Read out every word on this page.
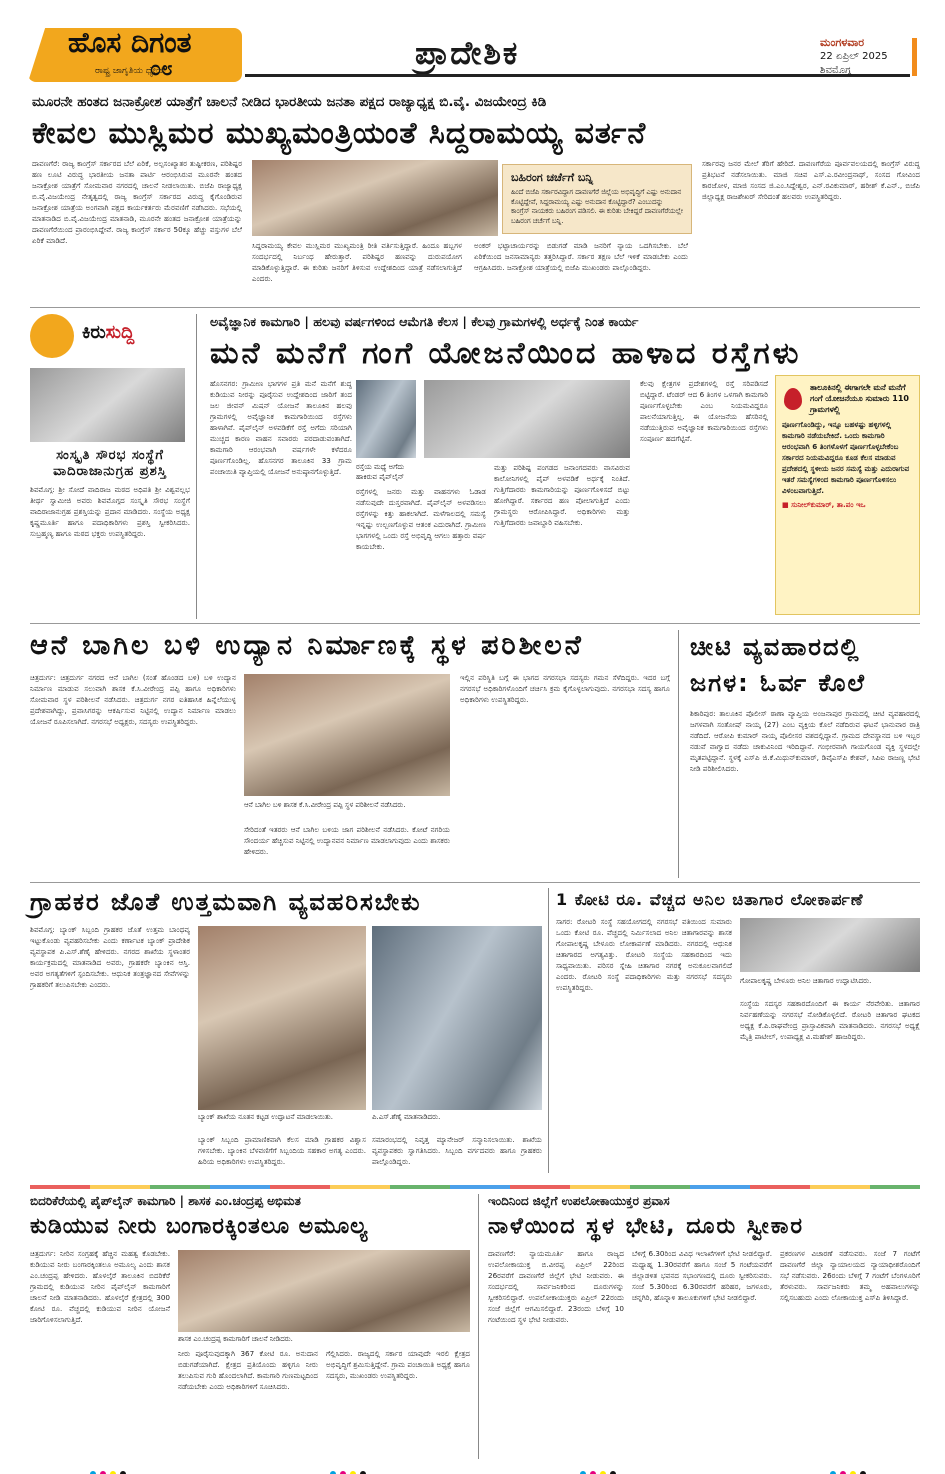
ಹೊಸ ದಿಗಂತ
ರಾಷ್ಟ್ರ ಜಾಗೃತಿಯ ಧ್ಯೇಯ
೦೮	ಪ್ರಾದೇಶಿಕ	ಮಂಗಳವಾರ
22 ಏಪ್ರಿಲ್ 2025
ಶಿವಮೊಗ್ಗ
ಮೂರನೇ ಹಂತದ ಜನಾಕ್ರೋಶ ಯಾತ್ರೆಗೆ ಚಾಲನೆ ನೀಡಿದ ಭಾರತೀಯ ಜನತಾ ಪಕ್ಷದ ರಾಜ್ಯಾಧ್ಯಕ್ಷ ಬಿ.ವೈ. ವಿಜಯೇಂದ್ರ ಕಿಡಿ
ಕೇವಲ ಮುಸ್ಲಿಮರ ಮುಖ್ಯಮಂತ್ರಿಯಂತೆ ಸಿದ್ದರಾಮಯ್ಯ ವರ್ತನೆ
ದಾವಣಗೆರೆ: ರಾಜ್ಯ ಕಾಂಗ್ರೆಸ್ ಸರ್ಕಾರದ ಬೆಲೆ ಏರಿಕೆ, ಅಲ್ಪಸಂಖ್ಯಾತರ ತುಷ್ಟೀಕರಣ, ಪರಿಶಿಷ್ಟರ ಹಣ ಲೂಟಿ ವಿರುದ್ಧ ಭಾರತೀಯ ಜನತಾ ಪಾರ್ಟಿ ಆರಂಭಿಸಿರುವ ಮೂರನೇ ಹಂತದ ಜನಾಕ್ರೋಶ ಯಾತ್ರೆಗೆ ಸೋಮವಾರ ನಗರದಲ್ಲಿ ಚಾಲನೆ ನೀಡಲಾಯಿತು. ಬಿಜೆಪಿ ರಾಜ್ಯಾಧ್ಯಕ್ಷ ಬಿ.ವೈ.ವಿಜಯೇಂದ್ರ ನೇತೃತ್ವದಲ್ಲಿ ರಾಜ್ಯ ಕಾಂಗ್ರೆಸ್ ಸರ್ಕಾರದ ವಿರುದ್ಧ ಕೈಗೊಂಡಿರುವ ಜನಾಕ್ರೋಶ ಯಾತ್ರೆಯ ಅಂಗವಾಗಿ ಪಕ್ಷದ ಕಾರ್ಯಕರ್ತರು ಮೆರವಣಿಗೆ ನಡೆಸಿದರು. ಸಭೆಯಲ್ಲಿ ಮಾತನಾಡಿದ ಬಿ.ವೈ.ವಿಜಯೇಂದ್ರ ಮಾತನಾಡಿ, ಮೂರನೇ ಹಂತದ ಜನಾಕ್ರೋಶ ಯಾತ್ರೆಯನ್ನು ದಾವಣಗೆರೆಯಿಂದ ಪ್ರಾರಂಭಿಸಿದ್ದೇವೆ. ರಾಜ್ಯ ಕಾಂಗ್ರೆಸ್ ಸರ್ಕಾರ 50ಕ್ಕೂ ಹೆಚ್ಚು ವಸ್ತುಗಳ ಬೆಲೆ ಏರಿಕೆ ಮಾಡಿದೆ.
ಬಹಿರಂಗ ಚರ್ಚೆಗೆ ಬನ್ನಿ
ಹಿಂದೆ ಬಿಜೆಪಿ ಸರ್ಕಾರವಿದ್ದಾಗ ದಾವಣಗೆರೆ ಜಿಲ್ಲೆಯ ಅಭಿವೃದ್ಧಿಗೆ ಎಷ್ಟು ಅನುದಾನ ಕೊಟ್ಟಿದ್ದೇವೆ, ಸಿದ್ದರಾಮಯ್ಯ ಎಷ್ಟು ಅನುದಾನ ಕೊಟ್ಟಿದ್ದಾರೆ? ಎಂಬುದನ್ನು ಕಾಂಗ್ರೆಸ್ ನಾಯಕರು ಬಹಿರಂಗ ಪಡಿಸಲಿ. ಈ ಕುರಿತು ಬೇಕಿದ್ದರೆ ದಾವಣಗೆರೆಯಲ್ಲೇ ಬಹಿರಂಗ ಚರ್ಚೆಗೆ ಬನ್ನಿ.
ಸಿದ್ದರಾಮಯ್ಯ ಕೇವಲ ಮುಸ್ಲಿಮರ ಮುಖ್ಯಮಂತ್ರಿ ರೀತಿ ವರ್ತಿಸುತ್ತಿದ್ದಾರೆ. ಹಿಂದೂ ಹಬ್ಬಗಳ ಸಂದರ್ಭದಲ್ಲಿ ನಿರ್ಬಂಧ ಹೇರುತ್ತಾರೆ. ಪರಿಶಿಷ್ಟರ ಹಣವನ್ನು ದುರುಪಯೋಗ ಮಾಡಿಕೊಳ್ಳುತ್ತಿದ್ದಾರೆ. ಈ ಕುರಿತು ಜನರಿಗೆ ತಿಳಿಸುವ ಉದ್ದೇಶದಿಂದ ಯಾತ್ರೆ ನಡೆಸಲಾಗುತ್ತಿದೆ ಎಂದರು.
ಅಂಕರ್‌ ಭಟ್ಟಾಚಾರ್ಯರನ್ನು ಬಿಡುಗಡೆ ಮಾಡಿ ಜನರಿಗೆ ನ್ಯಾಯ ಒದಗಿಸಬೇಕು. ಬೆಲೆ ಏರಿಕೆಯಿಂದ ಜನಸಾಮಾನ್ಯರು ತತ್ತರಿಸಿದ್ದಾರೆ. ಸರ್ಕಾರ ತಕ್ಷಣ ಬೆಲೆ ಇಳಿಕೆ ಮಾಡಬೇಕು ಎಂದು ಆಗ್ರಹಿಸಿದರು. ಜನಾಕ್ರೋಶ ಯಾತ್ರೆಯಲ್ಲಿ ಬಿಜೆಪಿ ಮುಖಂಡರು ಪಾಲ್ಗೊಂಡಿದ್ದರು.
ಸರ್ಕಾರವು ಜನರ ಮೇಲೆ ತೆರಿಗೆ ಹೇರಿದೆ. ದಾವಣಗೆರೆಯ ಪೂರ್ವವಲಯದಲ್ಲಿ ಕಾಂಗ್ರೆಸ್ ವಿರುದ್ಧ ಪ್ರತಿಭಟನೆ ನಡೆಸಲಾಯಿತು. ಮಾಜಿ ಸಚಿವ ಎಸ್.ಎ.ರವೀಂದ್ರನಾಥ್, ಸಂಸದ ಗೋವಿಂದ ಕಾರಜೋಳ, ಮಾಜಿ ಸಂಸದ ಜಿ.ಎಂ.ಸಿದ್ದೇಶ್ವರ, ಎನ್.ರವಿಕುಮಾರ್, ಹರೀಶ್ ಕೆ.ಎನ್., ಬಿಜೆಪಿ ಜಿಲ್ಲಾಧ್ಯಕ್ಷ ರಾಜಶೇಖರ್ ಸೇರಿದಂತೆ ಹಲವರು ಉಪಸ್ಥಿತರಿದ್ದರು.
ಕಿರುಸುದ್ದಿ
ಸಂಸ್ಕೃತಿ ಸೌರಭ ಸಂಸ್ಥೆಗೆ ವಾದಿರಾಜಾನುಗ್ರಹ ಪ್ರಶಸ್ತಿ
ಶಿವಮೊಗ್ಗ: ಶ್ರೀ ಸೋದೆ ವಾದಿರಾಜ ಮಠದ ಅಧಿಪತಿ ಶ್ರೀ ವಿಶ್ವವಲ್ಲಭ ತೀರ್ಥ ಸ್ವಾಮೀಜಿ ಅವರು ಶಿವಮೊಗ್ಗದ ಸಂಸ್ಕೃತಿ ಸೌರಭ ಸಂಸ್ಥೆಗೆ ವಾದಿರಾಜಾನುಗ್ರಹ ಪ್ರಶಸ್ತಿಯನ್ನು ಪ್ರದಾನ ಮಾಡಿದರು. ಸಂಸ್ಥೆಯ ಅಧ್ಯಕ್ಷ ಕೃಷ್ಣಮೂರ್ತಿ ಹಾಗೂ ಪದಾಧಿಕಾರಿಗಳು ಪ್ರಶಸ್ತಿ ಸ್ವೀಕರಿಸಿದರು. ಸುಬ್ರಹ್ಮಣ್ಯ ಹಾಗೂ ಮಠದ ಭಕ್ತರು ಉಪಸ್ಥಿತರಿದ್ದರು.
ಅವೈಜ್ಞಾನಿಕ ಕಾಮಗಾರಿ | ಹಲವು ವರ್ಷಗಳಿಂದ ಆಮೆಗತಿ ಕೆಲಸ | ಕೆಲವು ಗ್ರಾಮಗಳಲ್ಲಿ ಅರ್ಧಕ್ಕೆ ನಿಂತ ಕಾರ್ಯ
ಮನೆ ಮನೆಗೆ ಗಂಗೆ ಯೋಜನೆಯಿಂದ ಹಾಳಾದ ರಸ್ತೆಗಳು
ಹೊಸನಗರ: ಗ್ರಾಮೀಣ ಭಾಗಗಳ ಪ್ರತಿ ಮನೆ ಮನೆಗೆ ಶುದ್ಧ ಕುಡಿಯುವ ನೀರನ್ನು ಪೂರೈಸುವ ಉದ್ದೇಶದಿಂದ ಜಾರಿಗೆ ತಂದ ಜಲ ಜೀವನ್ ಮಿಷನ್ ಯೋಜನೆ ತಾಲೂಕಿನ ಹಲವು ಗ್ರಾಮಗಳಲ್ಲಿ ಅವೈಜ್ಞಾನಿಕ ಕಾಮಗಾರಿಯಿಂದ ರಸ್ತೆಗಳು ಹಾಳಾಗಿವೆ. ಪೈಪ್‌ಲೈನ್ ಅಳವಡಿಕೆಗೆ ರಸ್ತೆ ಅಗೆದು ಸರಿಯಾಗಿ ಮುಚ್ಚದ ಕಾರಣ ವಾಹನ ಸವಾರರು ಪರದಾಡುವಂತಾಗಿದೆ. ಕಾಮಗಾರಿ ಆರಂಭವಾಗಿ ವರ್ಷಗಳೇ ಕಳೆದರೂ ಪೂರ್ಣಗೊಂಡಿಲ್ಲ. ಹೊಸನಗರ ತಾಲೂಕಿನ 33 ಗ್ರಾಮ ಪಂಚಾಯಿತಿ ವ್ಯಾಪ್ತಿಯಲ್ಲಿ ಯೋಜನೆ ಅನುಷ್ಠಾನಗೊಳ್ಳುತ್ತಿದೆ.	ರಸ್ತೆಯ ಮಧ್ಯೆ ಅಗೆದು ಹಾಕಿರುವ ಪೈಪ್‌ಲೈನ್
ರಸ್ತೆಗಳಲ್ಲಿ ಜನರು ಮತ್ತು ವಾಹನಗಳು ಓಡಾಡ ನಡೆಸುವುದೇ ದುಸ್ತರವಾಗಿದೆ. ಪೈಪ್‌ಲೈನ್ ಅಳವಡಿಸಲು ರಸ್ತೆಗಳನ್ನು ಕಿತ್ತು ಹಾಕಲಾಗಿದೆ. ಮಳೆಗಾಲದಲ್ಲಿ ಸಮಸ್ಯೆ ಇನ್ನಷ್ಟು ಉಲ್ಬಣಗೊಳ್ಳುವ ಆತಂಕ ಎದುರಾಗಿದೆ. ಗ್ರಾಮೀಣ ಭಾಗಗಳಲ್ಲಿ ಒಂದು ರಸ್ತೆ ಅಭಿವೃದ್ಧಿ ಆಗಲು ಹತ್ತಾರು ವರ್ಷ ಕಾಯಬೇಕು.
ಮತ್ತು ಪರಿಶಿಷ್ಟ ಪಂಗಡದ ಜನಾಂಗದವರು ವಾಸವಿರುವ ಕಾಲೋನಿಗಳಲ್ಲಿ ಪೈಪ್ ಅಳವಡಿಕೆ ಅರ್ಧಕ್ಕೆ ನಿಂತಿದೆ. ಗುತ್ತಿಗೆದಾರರು ಕಾಮಗಾರಿಯನ್ನು ಪೂರ್ಣಗೊಳಿಸದೆ ಬಿಟ್ಟು ಹೋಗಿದ್ದಾರೆ. ಸರ್ಕಾರದ ಹಣ ಪೋಲಾಗುತ್ತಿದೆ ಎಂದು ಗ್ರಾಮಸ್ಥರು ಆರೋಪಿಸಿದ್ದಾರೆ. ಅಧಿಕಾರಿಗಳು ಮತ್ತು ಗುತ್ತಿಗೆದಾರರು ಜವಾಬ್ದಾರಿ ವಹಿಸಬೇಕು.
ಕೆಲವು ಕ್ಷೇತ್ರಗಳ ಪ್ರದೇಶಗಳಲ್ಲಿ ರಸ್ತೆ ಸರಿಪಡಿಸದೆ ಬಿಟ್ಟಿದ್ದಾರೆ. ಟೆಂಡರ್ ಆದ 6 ತಿಂಗಳ ಒಳಗಾಗಿ ಕಾಮಗಾರಿ ಪೂರ್ಣಗೊಳ್ಳಬೇಕು ಎಂಬ ನಿಯಮವಿದ್ದರೂ ಪಾಲನೆಯಾಗುತ್ತಿಲ್ಲ. ಈ ಯೋಜನೆಯ ಹೆಸರಿನಲ್ಲಿ ನಡೆಯುತ್ತಿರುವ ಅವೈಜ್ಞಾನಿಕ ಕಾಮಗಾರಿಯಿಂದ ರಸ್ತೆಗಳು ಸಂಪೂರ್ಣ ಹದಗೆಟ್ಟಿವೆ.
ತಾಲೂಕಿನಲ್ಲಿ ಈಗಾಗಲೇ ಮನೆ ಮನೆಗೆ ಗಂಗೆ ಯೋಜನೆಯೂ ಸುಮಾರು 110 ಗ್ರಾಮಗಳಲ್ಲಿ
ಪೂರ್ಣಗೊಂಡಿದ್ದು, ಇನ್ನೂ ಬಹಳಷ್ಟು ಹಳ್ಳಿಗಳಲ್ಲಿ ಕಾಮಗಾರಿ ನಡೆಯಬೇಕಿದೆ. ಒಂದು ಕಾಮಗಾರಿ ಆರಂಭವಾಗಿ 6 ತಿಂಗಳೊಳಗೆ ಪೂರ್ಣಗೊಳ್ಳಬೇಕೆಂಬ ಸರ್ಕಾರದ ನಿಯಮವಿದ್ದರೂ ಕೂಡ ಕೆಲಸ ಮಾಡುವ ಪ್ರದೇಶದಲ್ಲಿ ಸ್ಥಳೀಯ ಜನರ ಸಮಸ್ಯೆ ಮತ್ತು ಎದುರಾಗುವ ಇತರೆ ಸಮಸ್ಯೆಗಳಿಂದ ಕಾಮಗಾರಿ ಪೂರ್ಣಗೊಳಿಸಲು ವಿಳಂಬವಾಗುತ್ತಿದೆ.
■ ಸುನೀಲ್‌ಕುಮಾರ್, ತಾ.ಪಂ ಇಒ
ಆನೆ ಬಾಗಿಲ ಬಳಿ ಉದ್ಯಾನ ನಿರ್ಮಾಣಕ್ಕೆ ಸ್ಥಳ ಪರಿಶೀಲನೆ
ಚಿತ್ರದುರ್ಗ: ಚಿತ್ರದುರ್ಗ ನಗರದ ಆನೆ ಬಾಗಿಲ (ಸಂತೆ ಹೊಂಡದ ಬಳಿ) ಬಳಿ ಉದ್ಯಾನ ನಿರ್ಮಾಣ ಮಾಡುವ ಸಲುವಾಗಿ ಶಾಸಕ ಕೆ.ಸಿ.ವೀರೇಂದ್ರ ಪಪ್ಪಿ ಹಾಗೂ ಅಧಿಕಾರಿಗಳು ಸೋಮವಾರ ಸ್ಥಳ ಪರಿಶೀಲನೆ ನಡೆಸಿದರು. ಚಿತ್ರದುರ್ಗ ನಗರ ಐತಿಹಾಸಿಕ ಹಿನ್ನೆಲೆಯುಳ್ಳ ಪ್ರದೇಶವಾಗಿದ್ದು, ಪ್ರವಾಸಿಗರನ್ನು ಆಕರ್ಷಿಸುವ ನಿಟ್ಟಿನಲ್ಲಿ ಉದ್ಯಾನ ನಿರ್ಮಾಣ ಮಾಡಲು ಯೋಜನೆ ರೂಪಿಸಲಾಗಿದೆ. ನಗರಸಭೆ ಅಧ್ಯಕ್ಷರು, ಸದಸ್ಯರು ಉಪಸ್ಥಿತರಿದ್ದರು.
ಆನೆ ಬಾಗಿಲ ಬಳಿ ಶಾಸಕ ಕೆ.ಸಿ.ವೀರೇಂದ್ರ ಪಪ್ಪಿ ಸ್ಥಳ ಪರಿಶೀಲನೆ ನಡೆಸಿದರು.
ಸೇರಿದಂತೆ ಇತರರು ಆನೆ ಬಾಗಿಲ ಬಳಿಯ ಜಾಗ ಪರಿಶೀಲನೆ ನಡೆಸಿದರು. ಕೋಟೆ ನಗರಿಯ ಸೌಂದರ್ಯ ಹೆಚ್ಚಿಸುವ ನಿಟ್ಟಿನಲ್ಲಿ ಉದ್ಯಾನವನ ನಿರ್ಮಾಣ ಮಾಡಲಾಗುವುದು ಎಂದು ಶಾಸಕರು ಹೇಳಿದರು.
ಇಲ್ಲಿನ ಪರಿಸ್ಥಿತಿ ಬಗ್ಗೆ ಈ ಭಾಗದ ನಗರಸಭಾ ಸದಸ್ಯರು ಗಮನ ಸೆಳೆದಿದ್ದರು. ಇದರ ಬಗ್ಗೆ ನಗರಸಭೆ ಅಧಿಕಾರಿಗಳೊಂದಿಗೆ ಚರ್ಚಿಸಿ ಕ್ರಮ ಕೈಗೊಳ್ಳಲಾಗುವುದು. ನಗರಸಭಾ ಸದಸ್ಯ ಹಾಗೂ ಅಧಿಕಾರಿಗಳು ಉಪಸ್ಥಿತರಿದ್ದರು.
ಚೀಟಿ ವ್ಯವಹಾರದಲ್ಲಿ
ಜಗಳ: ಓರ್ವ ಕೊಲೆ
ಶಿಕಾರಿಪುರ: ತಾಲೂಕಿನ ಪೊಲೀಸ್ ಠಾಣಾ ವ್ಯಾಪ್ತಿಯ ಅಂಜನಾಪುರ ಗ್ರಾಮದಲ್ಲಿ ಚೀಟಿ ವ್ಯವಹಾರದಲ್ಲಿ ಜಗಳವಾಗಿ ಸಂತೋಷ್ ನಾಯ್ಕ (27) ಎಂಬ ವ್ಯಕ್ತಿಯ ಕೊಲೆ ನಡೆದಿರುವ ಘಟನೆ ಭಾನುವಾರ ರಾತ್ರಿ ನಡೆದಿದೆ. ಆರೋಪಿ ಕುಮಾರ್ ನಾಯ್ಕ ಪೊಲೀಸರ ವಶದಲ್ಲಿದ್ದಾನೆ. ಗ್ರಾಮದ ದೇವಸ್ಥಾನದ ಬಳಿ ಇಬ್ಬರ ನಡುವೆ ವಾಗ್ವಾದ ನಡೆದು ಚಾಕುವಿನಿಂದ ಇರಿದಿದ್ದಾನೆ. ಗಂಭೀರವಾಗಿ ಗಾಯಗೊಂಡ ವ್ಯಕ್ತಿ ಸ್ಥಳದಲ್ಲೇ ಮೃತಪಟ್ಟಿದ್ದಾನೆ. ಸ್ಥಳಕ್ಕೆ ಎಸ್‌ಪಿ ಜಿ.ಕೆ.ಮಿಥುನ್‌ಕುಮಾರ್, ಡಿವೈಎಸ್‌ಪಿ ಕೇಶವ್, ಸಿಪಿಐ ರಾಜಣ್ಣ ಭೇಟಿ ನೀಡಿ ಪರಿಶೀಲಿಸಿದರು.
ಗ್ರಾಹಕರ ಜೊತೆ ಉತ್ತಮವಾಗಿ ವ್ಯವಹರಿಸಬೇಕು
ಶಿವಮೊಗ್ಗ: ಬ್ಯಾಂಕ್ ಸಿಬ್ಬಂದಿ ಗ್ರಾಹಕರ ಜೊತೆ ಉತ್ತಮ ಬಾಂಧವ್ಯ ಇಟ್ಟುಕೊಂಡು ವ್ಯವಹರಿಸಬೇಕು ಎಂದು ಕರ್ಣಾಟಕ ಬ್ಯಾಂಕ್ ಪ್ರಾದೇಶಿಕ ವ್ಯವಸ್ಥಾಪಕ ಪಿ.ಎಸ್.ಶೆಣೈ ಹೇಳಿದರು. ನಗರದ ಶಾಖೆಯ ಸ್ಥಳಾಂತರ ಕಾರ್ಯಕ್ರಮದಲ್ಲಿ ಮಾತನಾಡಿದ ಅವರು, ಗ್ರಾಹಕರೇ ಬ್ಯಾಂಕಿನ ಆಸ್ತಿ. ಅವರ ಅಗತ್ಯತೆಗಳಿಗೆ ಸ್ಪಂದಿಸಬೇಕು. ಆಧುನಿಕ ತಂತ್ರಜ್ಞಾನದ ಸೇವೆಗಳನ್ನು ಗ್ರಾಹಕರಿಗೆ ತಲುಪಿಸಬೇಕು ಎಂದರು.
ಬ್ಯಾಂಕ್ ಶಾಖೆಯ ನೂತನ ಕಟ್ಟಡ ಉದ್ಘಾಟನೆ ಮಾಡಲಾಯಿತು.	ಪಿ.ಎಸ್.ಶೆಣೈ ಮಾತನಾಡಿದರು.
ಬ್ಯಾಂಕ್ ಸಿಬ್ಬಂದಿ ಪ್ರಾಮಾಣಿಕವಾಗಿ ಕೆಲಸ ಮಾಡಿ ಗ್ರಾಹಕರ ವಿಶ್ವಾಸ ಗಳಿಸಬೇಕು. ಬ್ಯಾಂಕಿನ ಬೆಳವಣಿಗೆಗೆ ಸಿಬ್ಬಂದಿಯ ಸಹಕಾರ ಅಗತ್ಯ ಎಂದರು. ಹಿರಿಯ ಅಧಿಕಾರಿಗಳು ಉಪಸ್ಥಿತರಿದ್ದರು.
ಸಮಾರಂಭದಲ್ಲಿ ನಿವೃತ್ತ ಮ್ಯಾನೇಜರ್ ಸನ್ಮಾನಿಸಲಾಯಿತು. ಶಾಖೆಯ ವ್ಯವಸ್ಥಾಪಕರು ಸ್ವಾಗತಿಸಿದರು. ಸಿಬ್ಬಂದಿ ವರ್ಗದವರು ಹಾಗೂ ಗ್ರಾಹಕರು ಪಾಲ್ಗೊಂಡಿದ್ದರು.
1 ಕೋಟಿ ರೂ. ವೆಚ್ಚದ ಅನಿಲ ಚಿತಾಗಾರ ಲೋಕಾರ್ಪಣೆ
ಸಾಗರ: ರೋಟರಿ ಸಂಸ್ಥೆ ಸಹಯೋಗದಲ್ಲಿ ನಗರಸಭೆ ವತಿಯಿಂದ ಸುಮಾರು ಒಂದು ಕೋಟಿ ರೂ. ವೆಚ್ಚದಲ್ಲಿ ನಿರ್ಮಿಸಲಾದ ಅನಿಲ ಚಿತಾಗಾರವನ್ನು ಶಾಸಕ ಗೋಪಾಲಕೃಷ್ಣ ಬೇಳೂರು ಲೋಕಾರ್ಪಣೆ ಮಾಡಿದರು. ನಗರದಲ್ಲಿ ಆಧುನಿಕ ಚಿತಾಗಾರದ ಅಗತ್ಯವಿತ್ತು. ರೋಟರಿ ಸಂಸ್ಥೆಯ ಸಹಕಾರದಿಂದ ಇದು ಸಾಧ್ಯವಾಯಿತು. ಪರಿಸರ ಸ್ನೇಹಿ ಚಿತಾಗಾರ ನಗರಕ್ಕೆ ಅನುಕೂಲವಾಗಲಿದೆ ಎಂದರು. ರೋಟರಿ ಸಂಸ್ಥೆ ಪದಾಧಿಕಾರಿಗಳು ಮತ್ತು ನಗರಸಭೆ ಸದಸ್ಯರು ಉಪಸ್ಥಿತರಿದ್ದರು.
ಗೋಪಾಲಕೃಷ್ಣ ಬೇಳೂರು ಅನಿಲ ಚಿತಾಗಾರ ಉದ್ಘಾಟಿಸಿದರು.
ಸಂಸ್ಥೆಯ ಸದಸ್ಯರ ಸಹಕಾರದೊಂದಿಗೆ ಈ ಕಾರ್ಯ ನೆರವೇರಿತು. ಚಿತಾಗಾರ ನಿರ್ವಹಣೆಯನ್ನು ನಗರಸಭೆ ನೋಡಿಕೊಳ್ಳಲಿದೆ. ರೋಟರಿ ಚಿತಾಗಾರ ಘಟಕದ ಅಧ್ಯಕ್ಷ ಕೆ.ಪಿ.ರಾಘವೇಂದ್ರ ಪ್ರಾಸ್ತಾವಿಕವಾಗಿ ಮಾತನಾಡಿದರು. ನಗರಸಭೆ ಅಧ್ಯಕ್ಷೆ ಮೈತ್ರಿ ಪಾಟೀಲ್, ಉಪಾಧ್ಯಕ್ಷ ವಿ.ಮಹೇಶ್ ಹಾಜರಿದ್ದರು.
ಬಿದರಿಕೆರೆಯಲ್ಲಿ ಪೈಪ್‌ಲೈನ್ ಕಾಮಗಾರಿ | ಶಾಸಕ ಎಂ.ಚಂದ್ರಪ್ಪ ಅಭಿಮತ
ಕುಡಿಯುವ ನೀರು ಬಂಗಾರಕ್ಕಿಂತಲೂ ಅಮೂಲ್ಯ
ಚಿತ್ರದುರ್ಗ: ನೀರಿನ ಸಂಗ್ರಹಕ್ಕೆ ಹೆಚ್ಚಿನ ಮಹತ್ವ ಕೊಡಬೇಕು. ಕುಡಿಯುವ ನೀರು ಬಂಗಾರಕ್ಕಿಂತಲೂ ಅಮೂಲ್ಯ ಎಂದು ಶಾಸಕ ಎಂ.ಚಂದ್ರಪ್ಪ ಹೇಳಿದರು. ಹೊಳಲ್ಕೆರೆ ತಾಲೂಕಿನ ಬಿದರಿಕೆರೆ ಗ್ರಾಮದಲ್ಲಿ ಕುಡಿಯುವ ನೀರಿನ ಪೈಪ್‌ಲೈನ್ ಕಾಮಗಾರಿಗೆ ಚಾಲನೆ ನೀಡಿ ಮಾತನಾಡಿದರು. ಹೊಳಲ್ಕೆರೆ ಕ್ಷೇತ್ರದಲ್ಲಿ 300 ಕೋಟಿ ರೂ. ವೆಚ್ಚದಲ್ಲಿ ಕುಡಿಯುವ ನೀರಿನ ಯೋಜನೆ ಜಾರಿಗೊಳಿಸಲಾಗುತ್ತಿದೆ.
ಶಾಸಕ ಎಂ.ಚಂದ್ರಪ್ಪ ಕಾಮಗಾರಿಗೆ ಚಾಲನೆ ನೀಡಿದರು.
ನೀರು ಪೂರೈಸುವುದಕ್ಕಾಗಿ 367 ಕೋಟಿ ರೂ. ಅನುದಾನ ಬಿಡುಗಡೆಯಾಗಿದೆ. ಕ್ಷೇತ್ರದ ಪ್ರತಿಯೊಂದು ಹಳ್ಳಿಗೂ ನೀರು ತಲುಪಿಸುವ ಗುರಿ ಹೊಂದಲಾಗಿದೆ. ಕಾಮಗಾರಿ ಗುಣಮಟ್ಟದಿಂದ ನಡೆಯಬೇಕು ಎಂದು ಅಧಿಕಾರಿಗಳಿಗೆ ಸೂಚಿಸಿದರು.
ಗೆಲ್ಲಿಸಿದರು. ರಾಜ್ಯದಲ್ಲಿ ಸರ್ಕಾರ ಯಾವುದೇ ಇರಲಿ ಕ್ಷೇತ್ರದ ಅಭಿವೃದ್ಧಿಗೆ ಶ್ರಮಿಸುತ್ತಿದ್ದೇನೆ. ಗ್ರಾಮ ಪಂಚಾಯಿತಿ ಅಧ್ಯಕ್ಷೆ ಹಾಗೂ ಸದಸ್ಯರು, ಮುಖಂಡರು ಉಪಸ್ಥಿತರಿದ್ದರು.
ಇಂದಿನಿಂದ ಜಿಲ್ಲೆಗೆ ಉಪಲೋಕಾಯುಕ್ತರ ಪ್ರವಾಸ
ನಾಳೆಯಿಂದ ಸ್ಥಳ ಭೇಟಿ, ದೂರು ಸ್ವೀಕಾರ
ದಾವಣಗೆರೆ: ನ್ಯಾಯಮೂರ್ತಿ ಹಾಗೂ ರಾಜ್ಯದ ಉಪಲೋಕಾಯುಕ್ತ ಬಿ.ವೀರಪ್ಪ ಏಪ್ರಿಲ್ 22ರಿಂದ 26ರವರೆಗೆ ದಾವಣಗೆರೆ ಜಿಲ್ಲೆಗೆ ಭೇಟಿ ನೀಡುವರು. ಈ ಸಂದರ್ಭದಲ್ಲಿ ಸಾರ್ವಜನಿಕರಿಂದ ದೂರುಗಳನ್ನು ಸ್ವೀಕರಿಸಲಿದ್ದಾರೆ. ಉಪಲೋಕಾಯುಕ್ತರು ಏಪ್ರಿಲ್ 22ರಂದು ಸಂಜೆ ಜಿಲ್ಲೆಗೆ ಆಗಮಿಸಲಿದ್ದಾರೆ. 23ರಂದು ಬೆಳಿಗ್ಗೆ 10 ಗಂಟೆಯಿಂದ ಸ್ಥಳ ಭೇಟಿ ನೀಡುವರು.
ಬೆಳಿಗ್ಗೆ 6.30ರಿಂದ ವಿವಿಧ ಇಲಾಖೆಗಳಿಗೆ ಭೇಟಿ ನೀಡಲಿದ್ದಾರೆ. ಮಧ್ಯಾಹ್ನ 1.30ರವರೆಗೆ ಹಾಗೂ ಸಂಜೆ 5 ಗಂಟೆಯವರೆಗೆ ಜಿಲ್ಲಾಡಳಿತ ಭವನದ ಸಭಾಂಗಣದಲ್ಲಿ ದೂರು ಸ್ವೀಕರಿಸುವರು. ಸಂಜೆ 5.30ರಿಂದ 6.30ರವರೆಗೆ ಹರಿಹರ, ಜಗಳೂರು, ಚನ್ನಗಿರಿ, ಹೊನ್ನಾಳಿ ತಾಲೂಕುಗಳಿಗೆ ಭೇಟಿ ನೀಡಲಿದ್ದಾರೆ.
ಪ್ರಕರಣಗಳ ವಿಚಾರಣೆ ನಡೆಸುವರು. ಸಂಜೆ 7 ಗಂಟೆಗೆ ದಾವಣಗೆರೆ ಜಿಲ್ಲಾ ನ್ಯಾಯಾಲಯದ ನ್ಯಾಯಾಧೀಶರೊಂದಿಗೆ ಸಭೆ ನಡೆಸುವರು. 26ರಂದು ಬೆಳಿಗ್ಗೆ 7 ಗಂಟೆಗೆ ಬೆಂಗಳೂರಿಗೆ ತೆರಳುವರು. ಸಾರ್ವಜನಿಕರು ತಮ್ಮ ಅಹವಾಲುಗಳನ್ನು ಸಲ್ಲಿಸಬಹುದು ಎಂದು ಲೋಕಾಯುಕ್ತ ಎಸ್‌ಪಿ ತಿಳಿಸಿದ್ದಾರೆ.
